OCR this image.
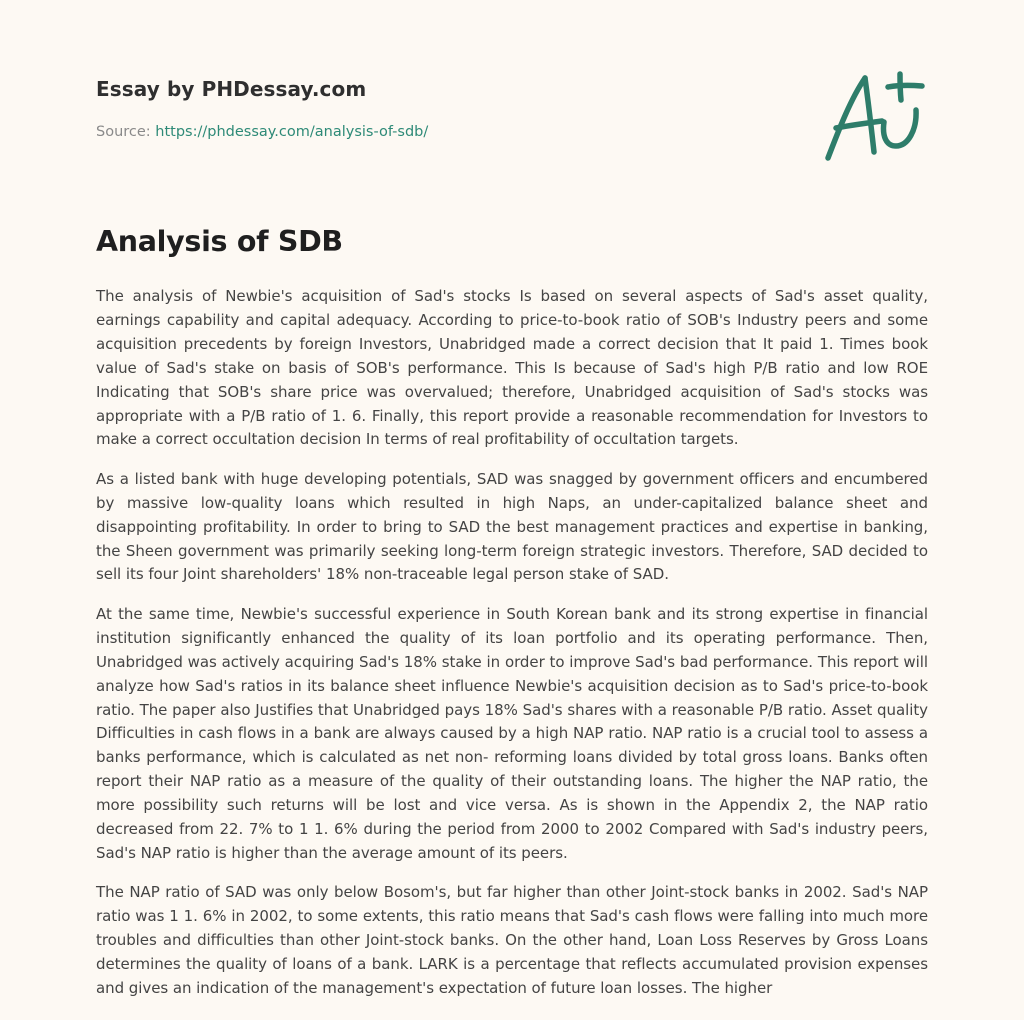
Essay by PHDessay.com

Source: https://phdessay.com/analysis-of-sdb/

Analysis of SDB

The analysis of Newbie's acquisition of Sad's stocks Is based on several aspects of Sad's asset quality, earnings capability and capital adequacy. According to price-to-book ratio of SOB's Industry peers and some acquisition precedents by foreign Investors, Unabridged made a correct decision that It paid 1. Times book value of Sad's stake on basis of SOB's performance. This Is because of Sad's high P/B ratio and low ROE Indicating that SOB's share price was overvalued; therefore, Unabridged acquisition of Sad's stocks was appropriate with a P/B ratio of 1. 6. Finally, this report provide a reasonable recommendation for Investors to make a correct occultation decision In terms of real profitability of occultation targets.

As a listed bank with huge developing potentials, SAD was snagged by government officers and encumbered by massive low-quality loans which resulted in high Naps, an under-capitalized balance sheet and disappointing profitability. In order to bring to SAD the best management practices and expertise in banking, the Sheen government was primarily seeking long-term foreign strategic investors. Therefore, SAD decided to sell its four Joint shareholders' 18% non-traceable legal person stake of SAD.

At the same time, Newbie's successful experience in South Korean bank and its strong expertise in financial institution significantly enhanced the quality of its loan portfolio and its operating performance. Then, Unabridged was actively acquiring Sad's 18% stake in order to improve Sad's bad performance. This report will analyze how Sad's ratios in its balance sheet influence Newbie's acquisition decision as to Sad's price-to-book ratio. The paper also Justifies that Unabridged pays 18% Sad's shares with a reasonable P/B ratio. Asset quality Difficulties in cash flows in a bank are always caused by a high NAP ratio. NAP ratio is a crucial tool to assess a banks performance, which is calculated as net non- reforming loans divided by total gross loans. Banks often report their NAP ratio as a measure of the quality of their outstanding loans. The higher the NAP ratio, the more possibility such returns will be lost and vice versa. As is shown in the Appendix 2, the NAP ratio decreased from 22. 7% to 1 1. 6% during the period from 2000 to 2002 Compared with Sad's industry peers, Sad's NAP ratio is higher than the average amount of its peers.

The NAP ratio of SAD was only below Bosom's, but far higher than other Joint-stock banks in 2002. Sad's NAP ratio was 1 1. 6% in 2002, to some extents, this ratio means that Sad's cash flows were falling into much more troubles and difficulties than other Joint-stock banks. On the other hand, Loan Loss Reserves by Gross Loans determines the quality of loans of a bank. LARK is a percentage that reflects accumulated provision expenses and gives an indication of the management's expectation of future loan losses. The higher
